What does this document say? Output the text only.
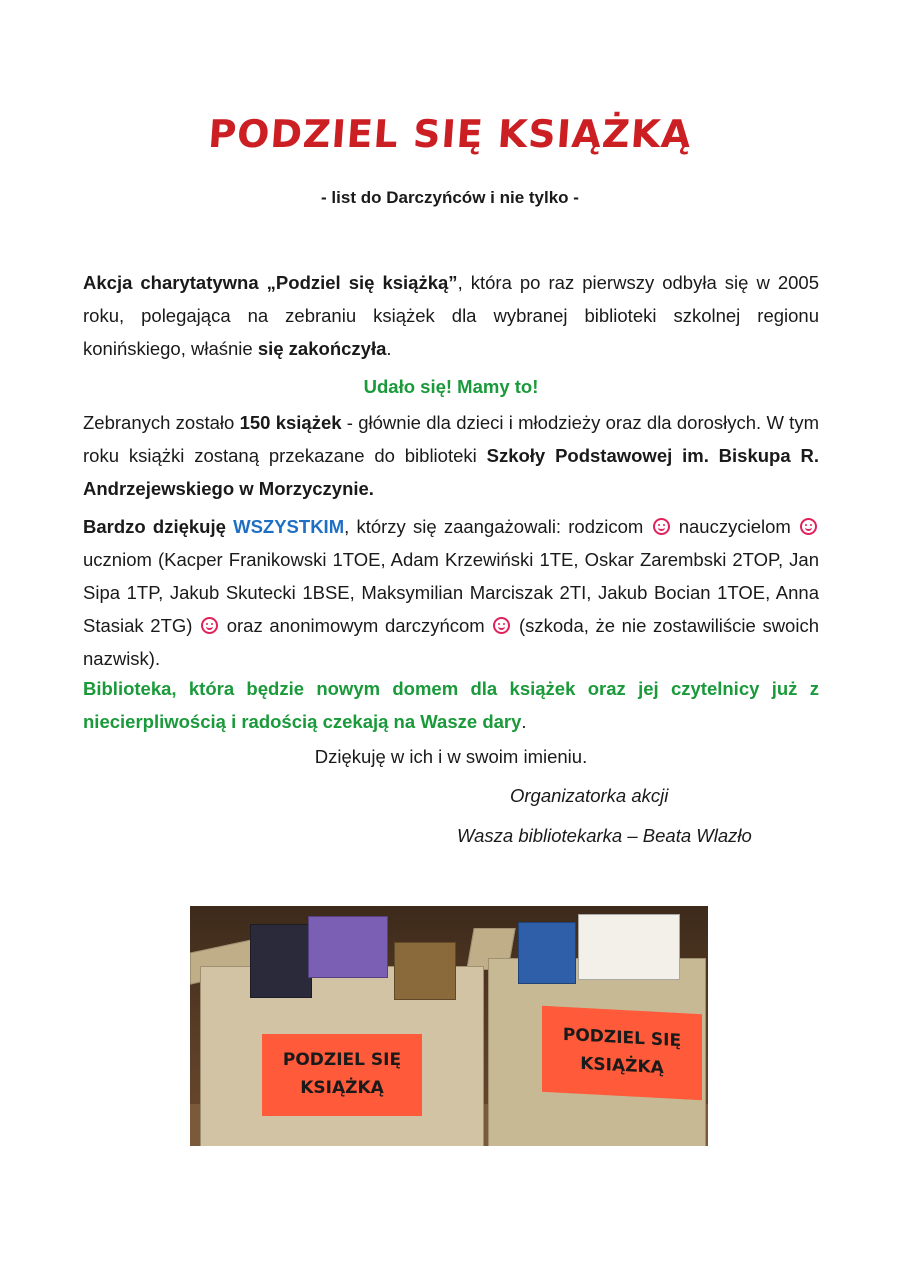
PODZIEL SIĘ KSIĄŻKĄ

- list do Darczyńców i nie tylko -

Akcja charytatywna „Podziel się książką”, która po raz pierwszy odbyła się w 2005 roku, polegająca na zebraniu książek dla wybranej biblioteki szkolnej regionu konińskiego, właśnie się zakończyła.

Udało się! Mamy to!

Zebranych zostało 150 książek - głównie dla dzieci i młodzieży oraz dla dorosłych. W tym roku książki zostaną przekazane do biblioteki Szkoły Podstawowej im. Biskupa R. Andrzejewskiego w Morzyczynie.

Bardzo dziękuję WSZYSTKIM, którzy się zaangażowali: rodzicom  nauczycielom  uczniom (Kacper Franikowski 1TOE, Adam Krzewiński 1TE, Oskar Zarembski 2TOP, Jan Sipa 1TP, Jakub Skutecki 1BSE, Maksymilian Marciszak 2TI, Jakub Bocian 1TOE, Anna Stasiak 2TG)  oraz anonimowym darczyńcom  (szkoda, że nie zostawiliście swoich nazwisk).

Biblioteka, która będzie nowym domem dla książek oraz jej czytelnicy już z niecierpliwością i radością czekają na Wasze dary.

Dziękuję w ich i w swoim imieniu.

Organizatorka akcji

Wasza bibliotekarka – Beata Wlazło

PODZIEL SIĘ KSIĄŻKĄ
PODZIEL SIĘ KSIĄŻKĄ
